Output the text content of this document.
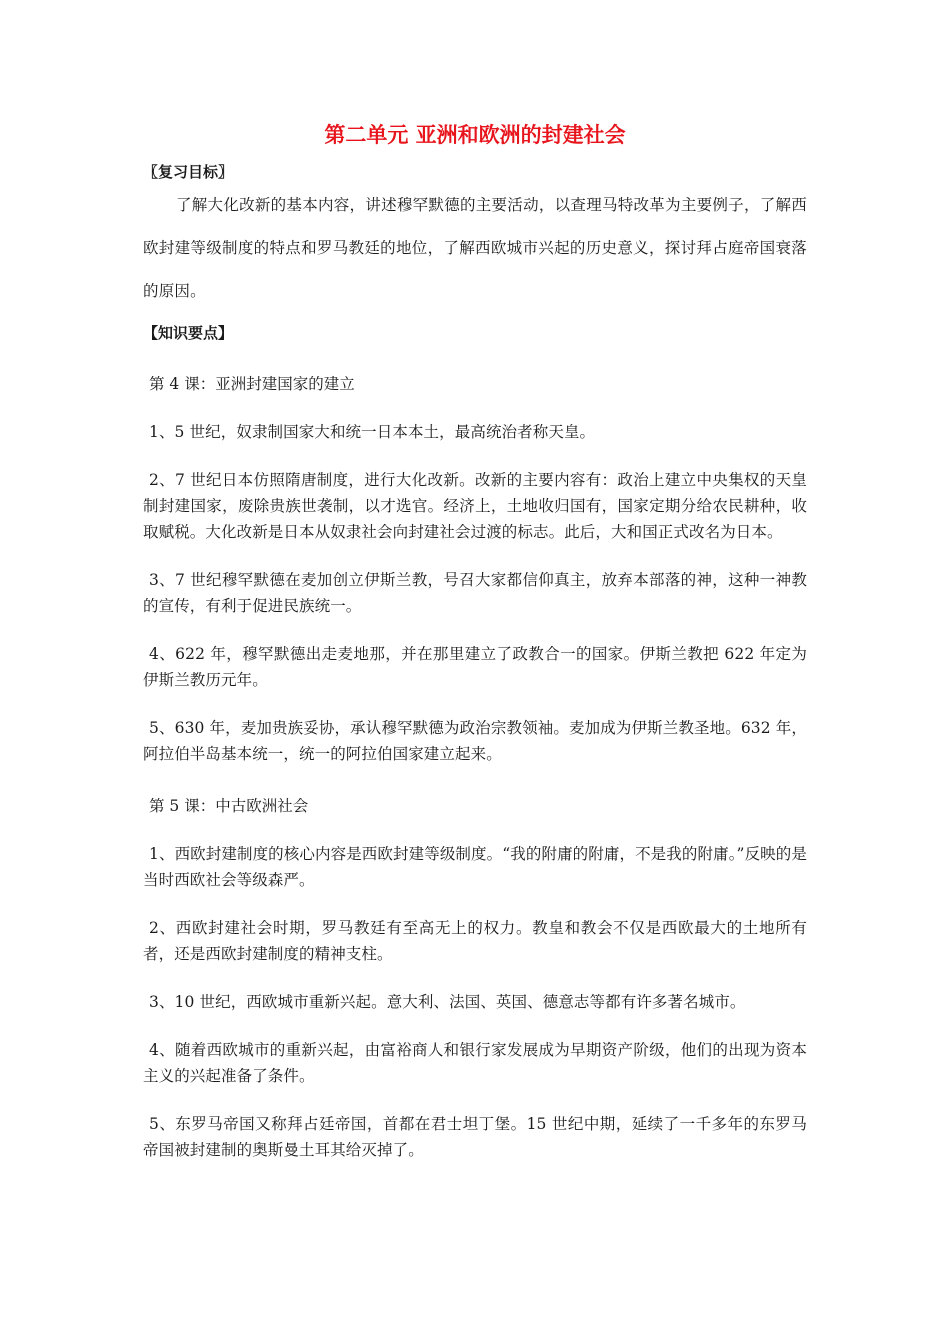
第二单元 亚洲和欧洲的封建社会

〖复习目标〗

了解大化改新的基本内容，讲述穆罕默德的主要活动，以查理马特改革为主要例子，了解西欧封建等级制度的特点和罗马教廷的地位，了解西欧城市兴起的历史意义，探讨拜占庭帝国衰落的原因。

【知识要点】

第 4 课：亚洲封建国家的建立

1、5 世纪，奴隶制国家大和统一日本本土，最高统治者称天皇。

2、7 世纪日本仿照隋唐制度，进行大化改新。改新的主要内容有：政治上建立中央集权的天皇制封建国家，废除贵族世袭制，以才选官。经济上，土地收归国有，国家定期分给农民耕种，收取赋税。大化改新是日本从奴隶社会向封建社会过渡的标志。此后，大和国正式改名为日本。

3、7 世纪穆罕默德在麦加创立伊斯兰教，号召大家都信仰真主，放弃本部落的神，这种一神教的宣传，有利于促进民族统一。

4、622 年，穆罕默德出走麦地那，并在那里建立了政教合一的国家。伊斯兰教把 622 年定为伊斯兰教历元年。

5、630 年，麦加贵族妥协，承认穆罕默德为政治宗教领袖。麦加成为伊斯兰教圣地。632 年，阿拉伯半岛基本统一，统一的阿拉伯国家建立起来。

第 5 课：中古欧洲社会

1、西欧封建制度的核心内容是西欧封建等级制度。“我的附庸的附庸，不是我的附庸。”反映的是当时西欧社会等级森严。

2、西欧封建社会时期，罗马教廷有至高无上的权力。教皇和教会不仅是西欧最大的土地所有者，还是西欧封建制度的精神支柱。

3、10 世纪，西欧城市重新兴起。意大利、法国、英国、德意志等都有许多著名城市。

4、随着西欧城市的重新兴起，由富裕商人和银行家发展成为早期资产阶级，他们的出现为资本主义的兴起准备了条件。

5、东罗马帝国又称拜占廷帝国，首都在君士坦丁堡。15 世纪中期，延续了一千多年的东罗马帝国被封建制的奥斯曼土耳其给灭掉了。
